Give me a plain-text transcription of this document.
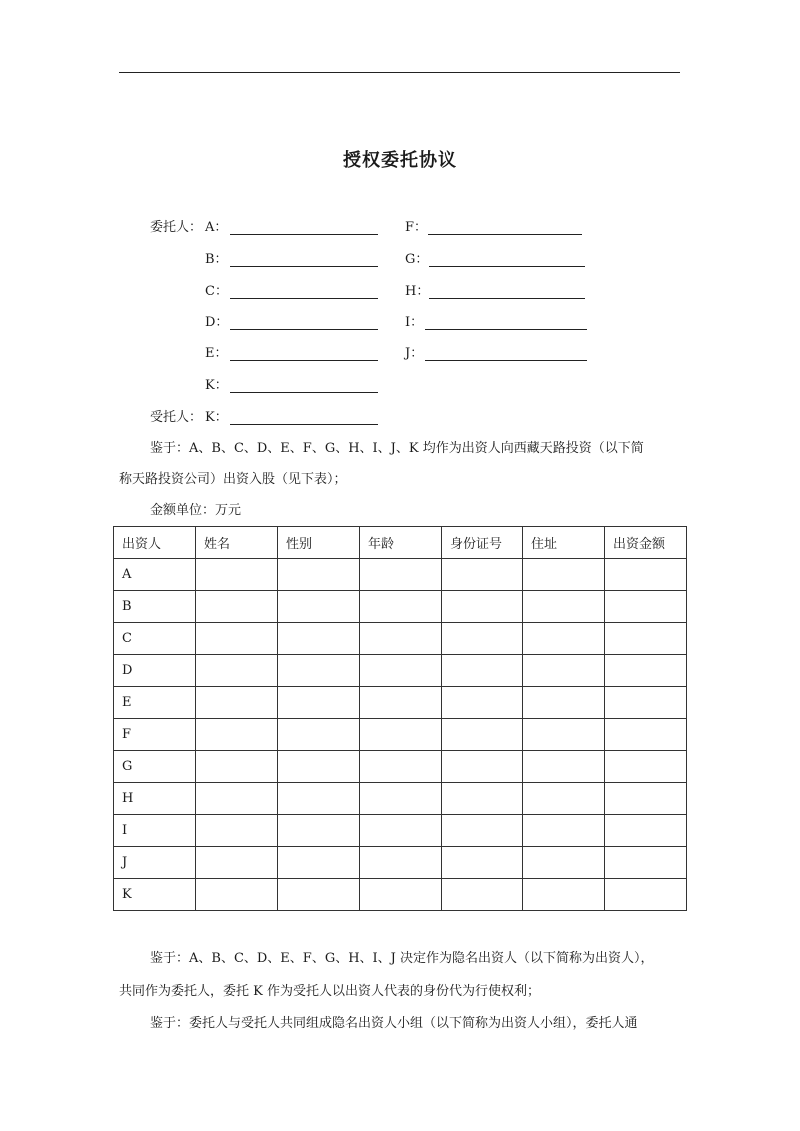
授权委托协议
委托人： A：	F：
B：	G：
C：	H：
D：	I：
E：	J：
K：
受托人： K：
鉴于：A、B、C、D、E、F、G、H、I、J、K 均作为出资人向西藏天路投资（以下简
称天路投资公司）出资入股（见下表）；
金额单位：万元
出资人	姓名	性别	年龄	身份证号	住址	出资金额
A						
B						
C						
D						
E						
F						
G						
H						
I						
J						
K						
鉴于：A、B、C、D、E、F、G、H、I、J 决定作为隐名出资人（以下简称为出资人），
共同作为委托人，委托 K 作为受托人以出资人代表的身份代为行使权利；
鉴于：委托人与受托人共同组成隐名出资人小组（以下简称为出资人小组），委托人通
